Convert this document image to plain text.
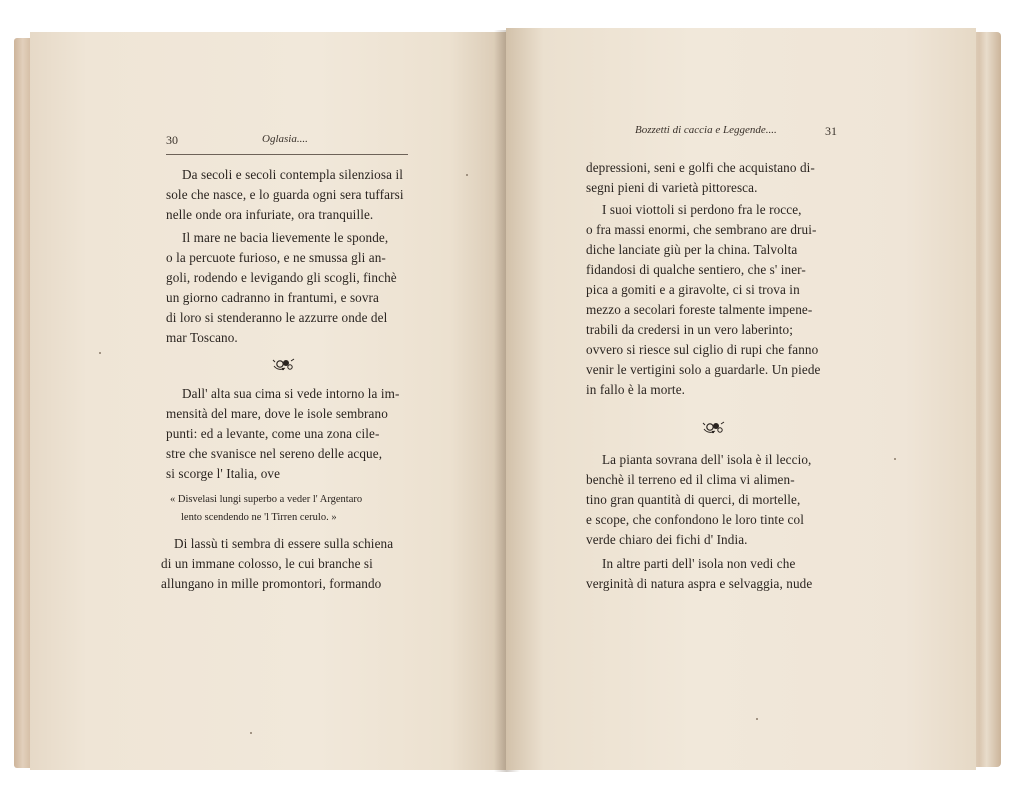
30	Oglasia....
Da secoli e secoli contempla silenziosa il
sole che nasce, e lo guarda ogni sera tuffarsi
nelle onde ora infuriate, ora tranquille.
Il mare ne bacia lievemente le sponde,
o la percuote furioso, e ne smussa gli an-
goli, rodendo e levigando gli scogli, finchè
un giorno cadranno in frantumi, e sovra
di loro si stenderanno le azzurre onde del
mar Toscano.
Dall' alta sua cima si vede intorno la im-
mensità del mare, dove le isole sembrano
punti: ed a levante, come una zona cile-
stre che svanisce nel sereno delle acque,
si scorge l' Italia, ove
« Disvelasi lungi superbo a veder l' Argentaro
lento scendendo ne 'l Tirren cerulo. »
Di lassù ti sembra di essere sulla schiena
di un immane colosso, le cui branche si
allungano in mille promontori, formando
Bozzetti di caccia e Leggende....	31
depressioni, seni e golfi che acquistano di-
segni pieni di varietà pittoresca.
I suoi viottoli si perdono fra le rocce,
o fra massi enormi, che sembrano are drui-
diche lanciate giù per la china. Talvolta
fidandosi di qualche sentiero, che s' iner-
pica a gomiti e a giravolte, ci si trova in
mezzo a secolari foreste talmente impene-
trabili da credersi in un vero laberinto;
ovvero si riesce sul ciglio di rupi che fanno
venir le vertigini solo a guardarle. Un piede
in fallo è la morte.
La pianta sovrana dell' isola è il leccio,
benchè il terreno ed il clima vi alimen-
tino gran quantità di querci, di mortelle,
e scope, che confondono le loro tinte col
verde chiaro dei fichi d' India.
In altre parti dell' isola non vedi che
verginità di natura aspra e selvaggia, nude
